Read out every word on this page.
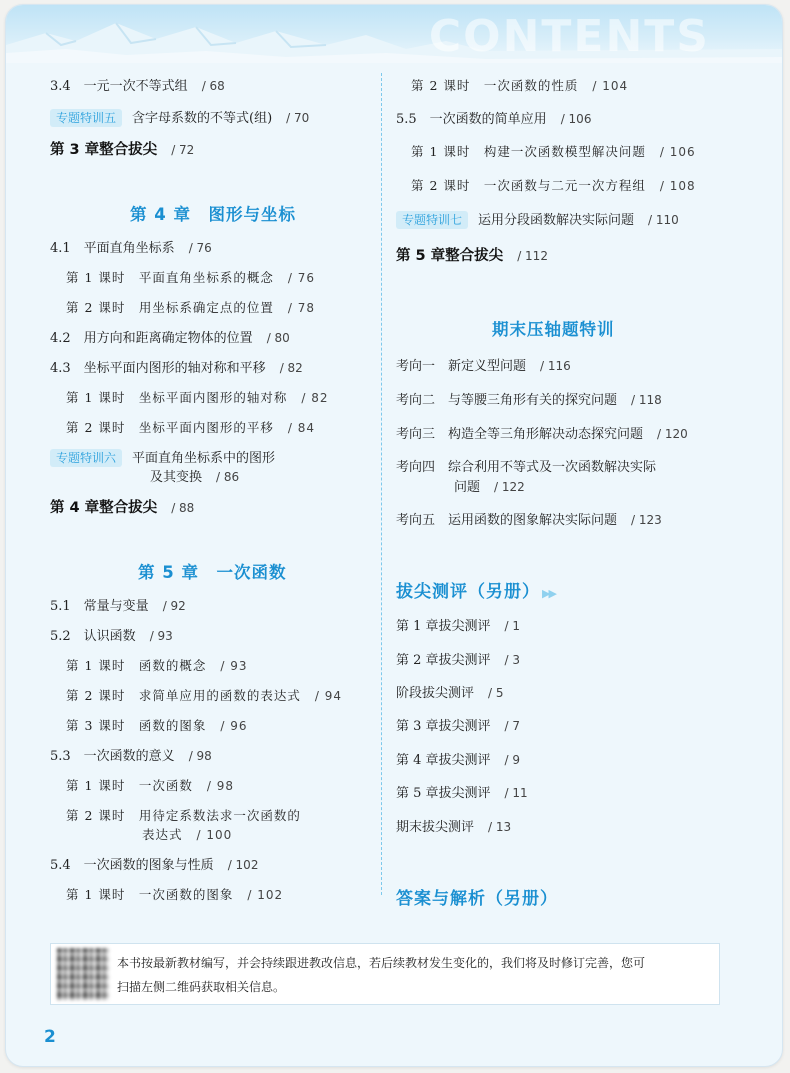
CONTENTS
3.4　一元一次不等式组 / 68
专题特训五 含字母系数的不等式(组) / 70
第 3 章整合拔尖 / 72
第 4 章　图形与坐标
4.1　平面直角坐标系 / 76
第 1 课时　平面直角坐标系的概念 / 76
第 2 课时　用坐标系确定点的位置 / 78
4.2　用方向和距离确定物体的位置 / 80
4.3　坐标平面内图形的轴对称和平移 / 82
第 1 课时　坐标平面内图形的轴对称 / 82
第 2 课时　坐标平面内图形的平移 / 84
专题特训六 平面直角坐标系中的图形
及其变换 / 86
第 4 章整合拔尖 / 88
第 5 章　一次函数
5.1　常量与变量 / 92
5.2　认识函数 / 93
第 1 课时　函数的概念 / 93
第 2 课时　求简单应用的函数的表达式 / 94
第 3 课时　函数的图象 / 96
5.3　一次函数的意义 / 98
第 1 课时　一次函数 / 98
第 2 课时　用待定系数法求一次函数的
表达式 / 100
5.4　一次函数的图象与性质 / 102
第 1 课时　一次函数的图象 / 102
第 2 课时　一次函数的性质 / 104
5.5　一次函数的简单应用 / 106
第 1 课时　构建一次函数模型解决问题 / 106
第 2 课时　一次函数与二元一次方程组 / 108
专题特训七 运用分段函数解决实际问题 / 110
第 5 章整合拔尖 / 112
期末压轴题特训
考向一　新定义型问题 / 116
考向二　与等腰三角形有关的探究问题 / 118
考向三　构造全等三角形解决动态探究问题 / 120
考向四　综合利用不等式及一次函数解决实际
问题 / 122
考向五　运用函数的图象解决实际问题 / 123
拔尖测评（另册） ▶▶
第 1 章拔尖测评 / 1
第 2 章拔尖测评 / 3
阶段拔尖测评 / 5
第 3 章拔尖测评 / 7
第 4 章拔尖测评 / 9
第 5 章拔尖测评 / 11
期末拔尖测评 / 13
答案与解析（另册）
本书按最新教材编写，并会持续跟进教改信息，若后续教材发生变化的，我们将及时修订完善，您可
扫描左侧二维码获取相关信息。
2
